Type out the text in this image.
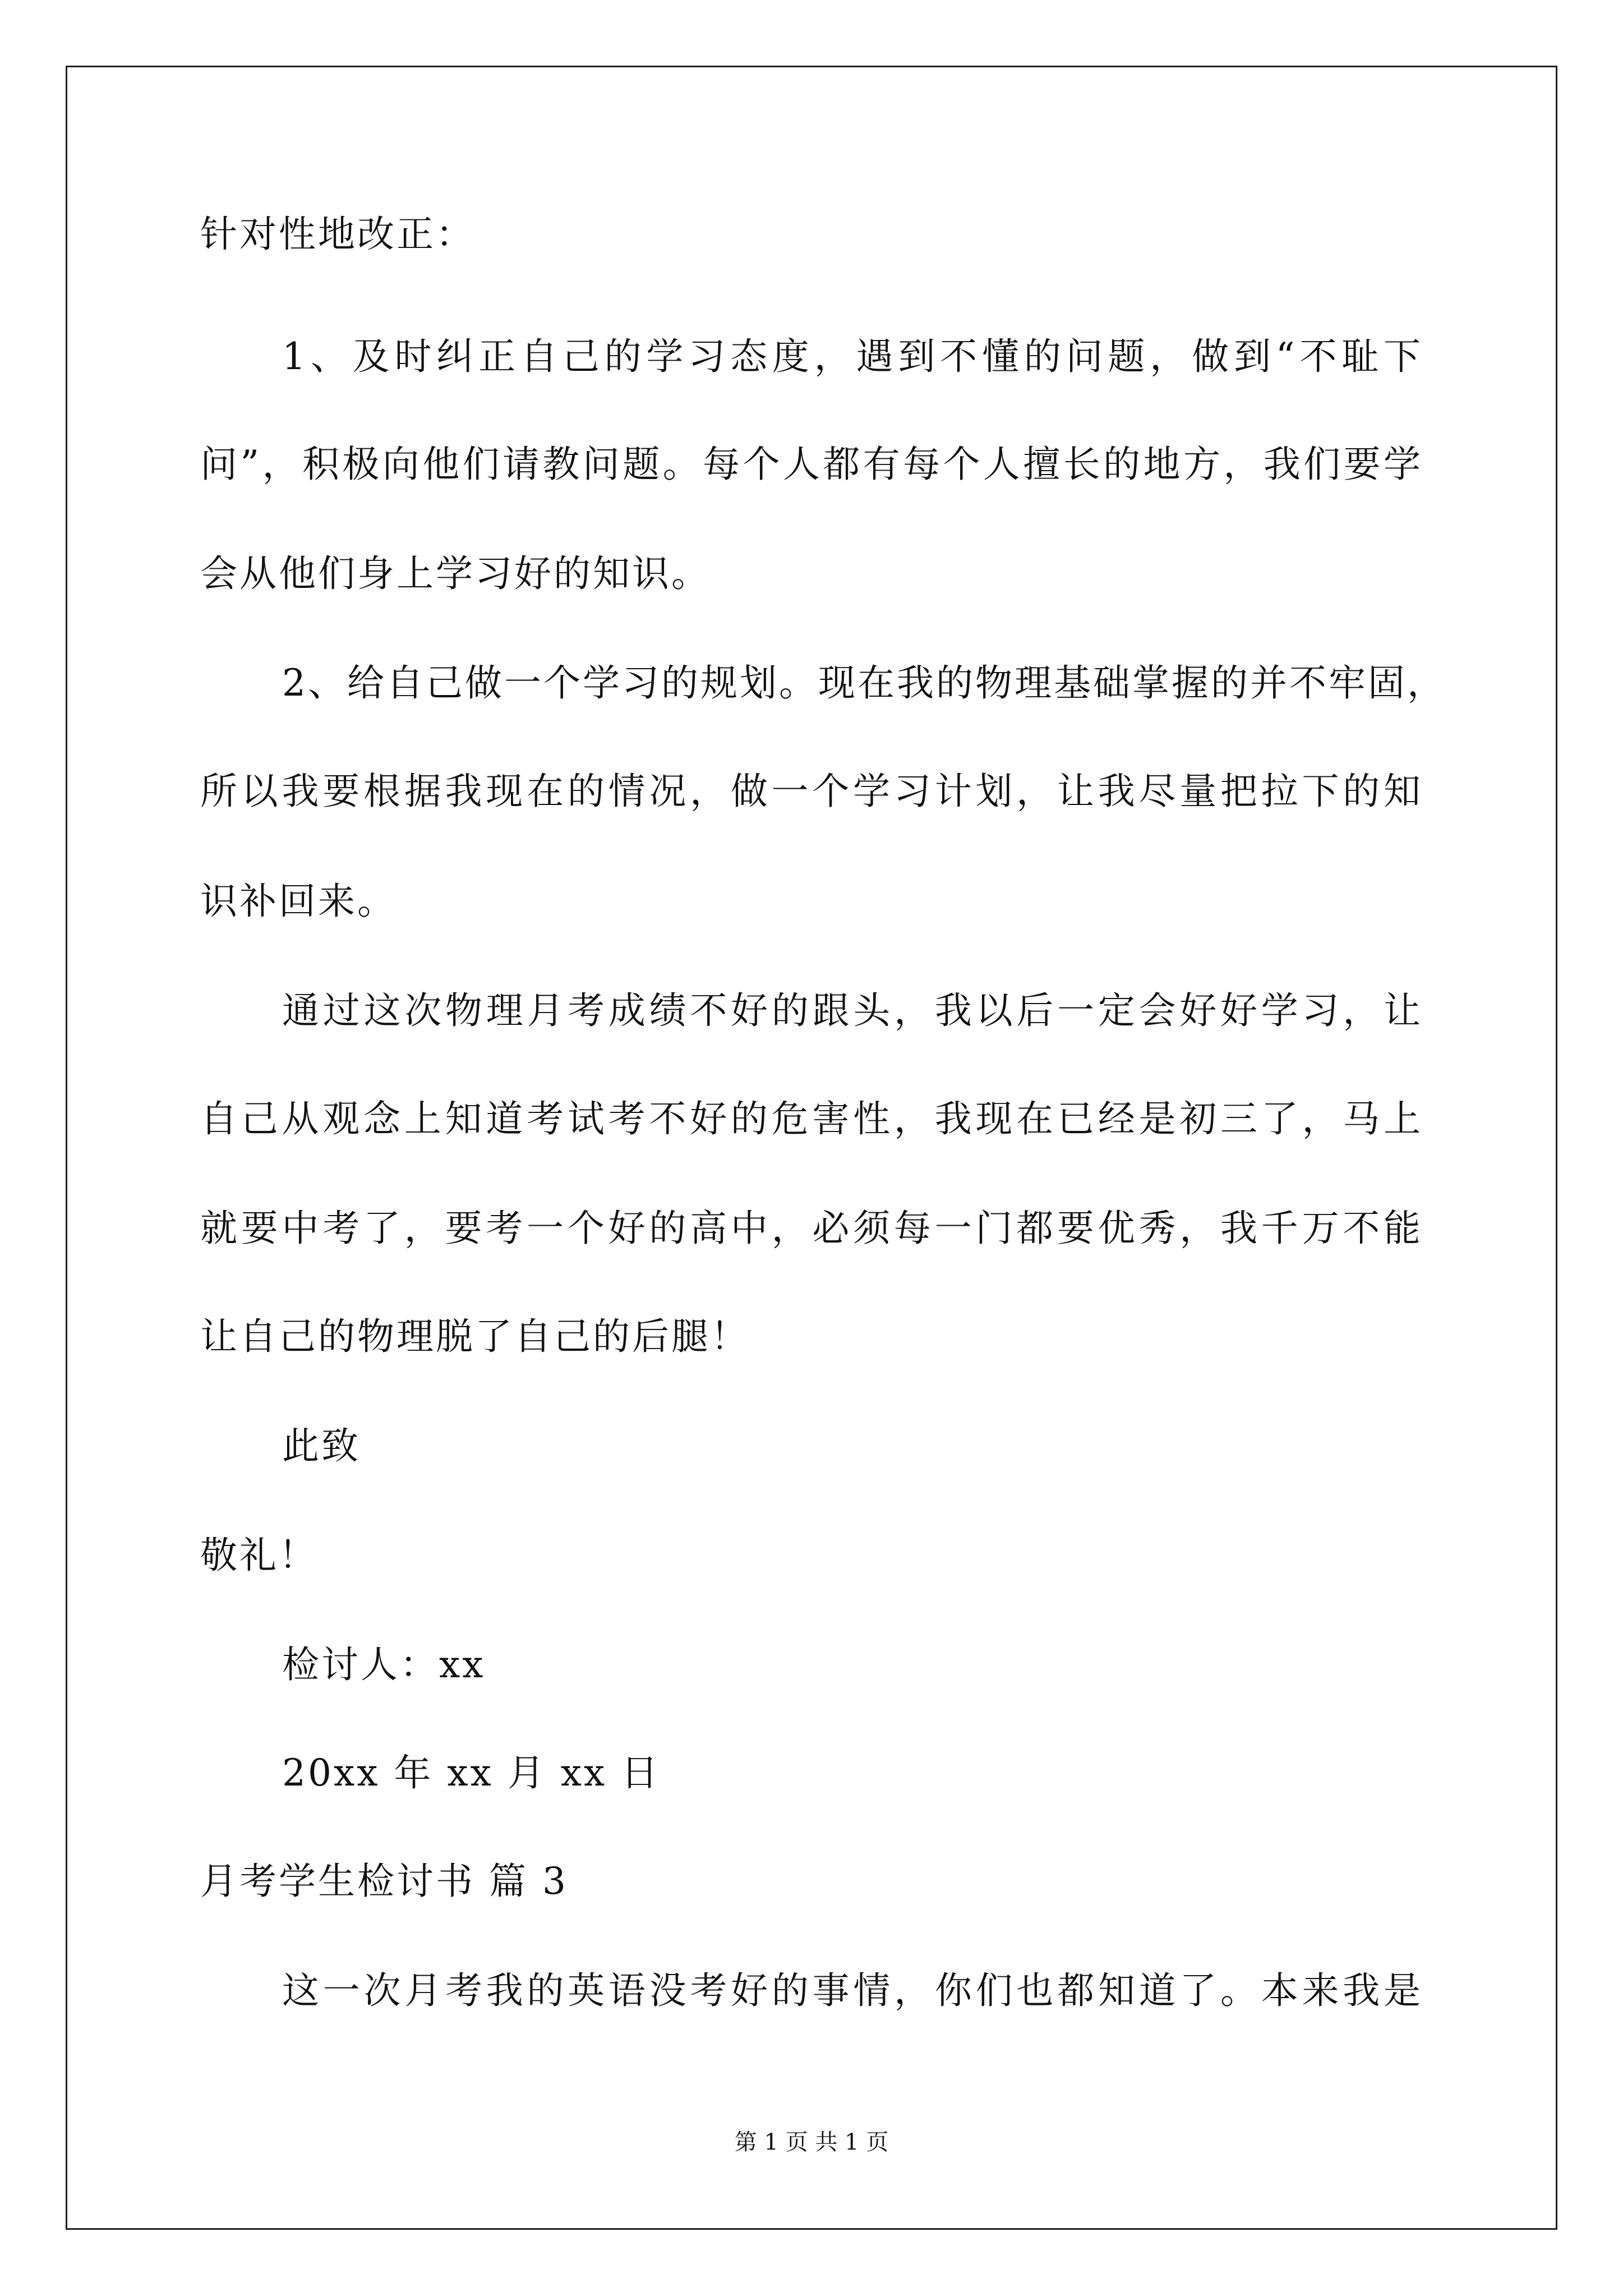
针对性地改正：
1、及时纠正自己的学习态度，遇到不懂的问题，做到“不耻下
问”，积极向他们请教问题。每个人都有每个人擅长的地方，我们要学
会从他们身上学习好的知识。
2、给自己做一个学习的规划。现在我的物理基础掌握的并不牢固，
所以我要根据我现在的情况，做一个学习计划，让我尽量把拉下的知
识补回来。
通过这次物理月考成绩不好的跟头，我以后一定会好好学习，让
自己从观念上知道考试考不好的危害性，我现在已经是初三了，马上
就要中考了，要考一个好的高中，必须每一门都要优秀，我千万不能
让自己的物理脱了自己的后腿！
此致
敬礼！
检讨人：xx
20xx 年 xx 月 xx 日
月考学生检讨书 篇 3
这一次月考我的英语没考好的事情，你们也都知道了。本来我是
第 1 页 共 1 页
